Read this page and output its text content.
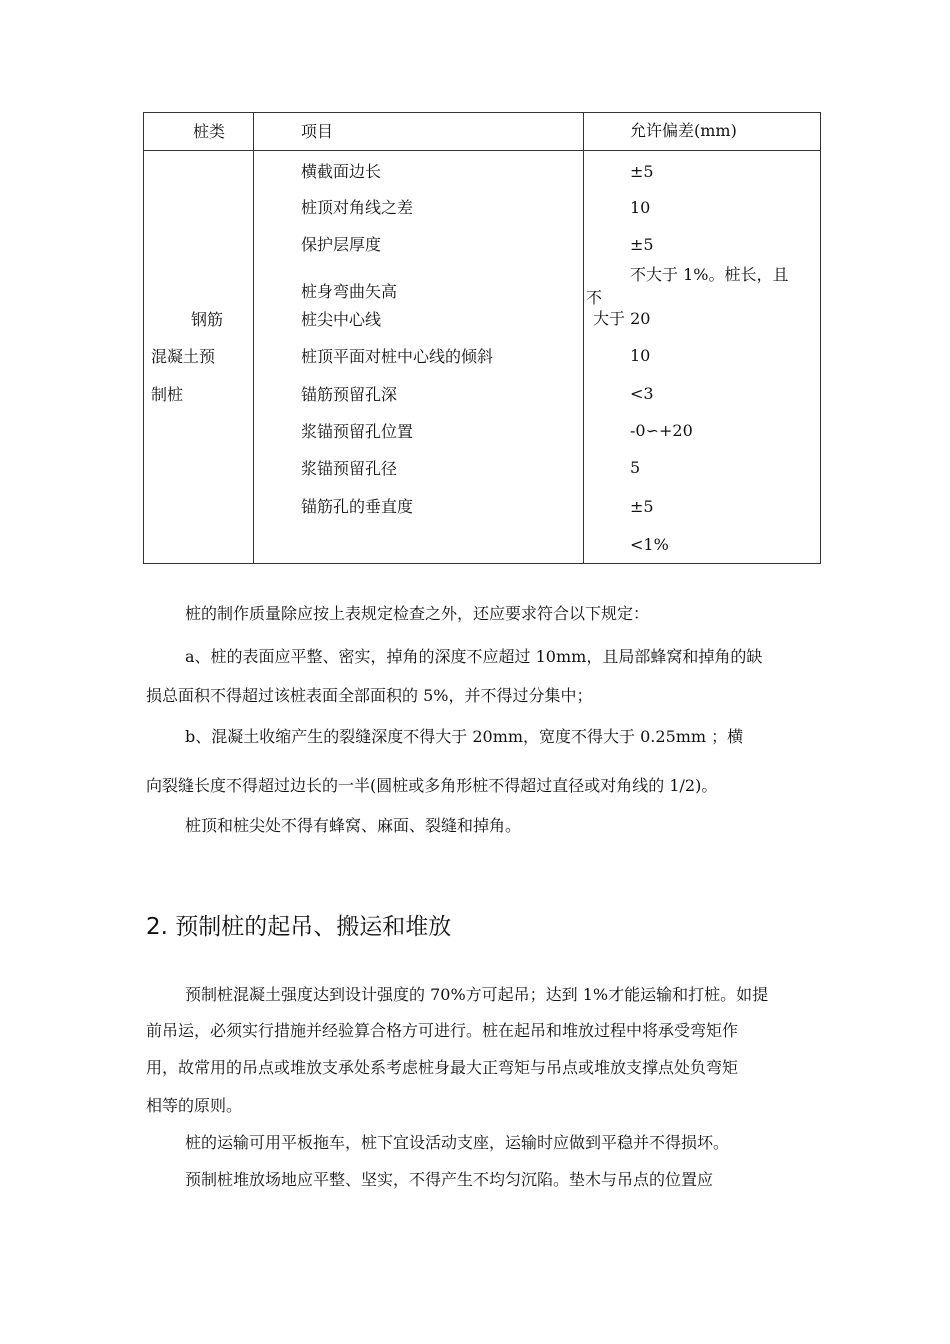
桩类	项目	允许偏差(mm)
钢筋
混凝土预
制桩
横截面边长
桩顶对角线之差
保护层厚度
桩身弯曲矢高
桩尖中心线
桩顶平面对桩中心线的倾斜
锚筋预留孔深
浆锚预留孔位置
浆锚预留孔径
锚筋孔的垂直度
±5
10
±5
不大于 1%。桩长，且
不
大于 20
10
<3
-0∽+20
5
±5
<1%
桩的制作质量除应按上表规定检查之外，还应要求符合以下规定：
a、桩的表面应平整、密实，掉角的深度不应超过 10mm，且局部蜂窝和掉角的缺
损总面积不得超过该桩表面全部面积的 5%，并不得过分集中；
b、混凝土收缩产生的裂缝深度不得大于 20mm，宽度不得大于 0.25mm ；横
向裂缝长度不得超过边长的一半(圆桩或多角形桩不得超过直径或对角线的 1/2)。
桩顶和桩尖处不得有蜂窝、麻面、裂缝和掉角。
2. 预制桩的起吊、搬运和堆放
预制桩混凝土强度达到设计强度的 70%方可起吊；达到 1%才能运输和打桩。如提
前吊运，必须实行措施并经验算合格方可进行。桩在起吊和堆放过程中将承受弯矩作
用，故常用的吊点或堆放支承处系考虑桩身最大正弯矩与吊点或堆放支撑点处负弯矩
相等的原则。
桩的运输可用平板拖车，桩下宜设活动支座，运输时应做到平稳并不得损坏。
预制桩堆放场地应平整、坚实，不得产生不均匀沉陷。垫木与吊点的位置应
